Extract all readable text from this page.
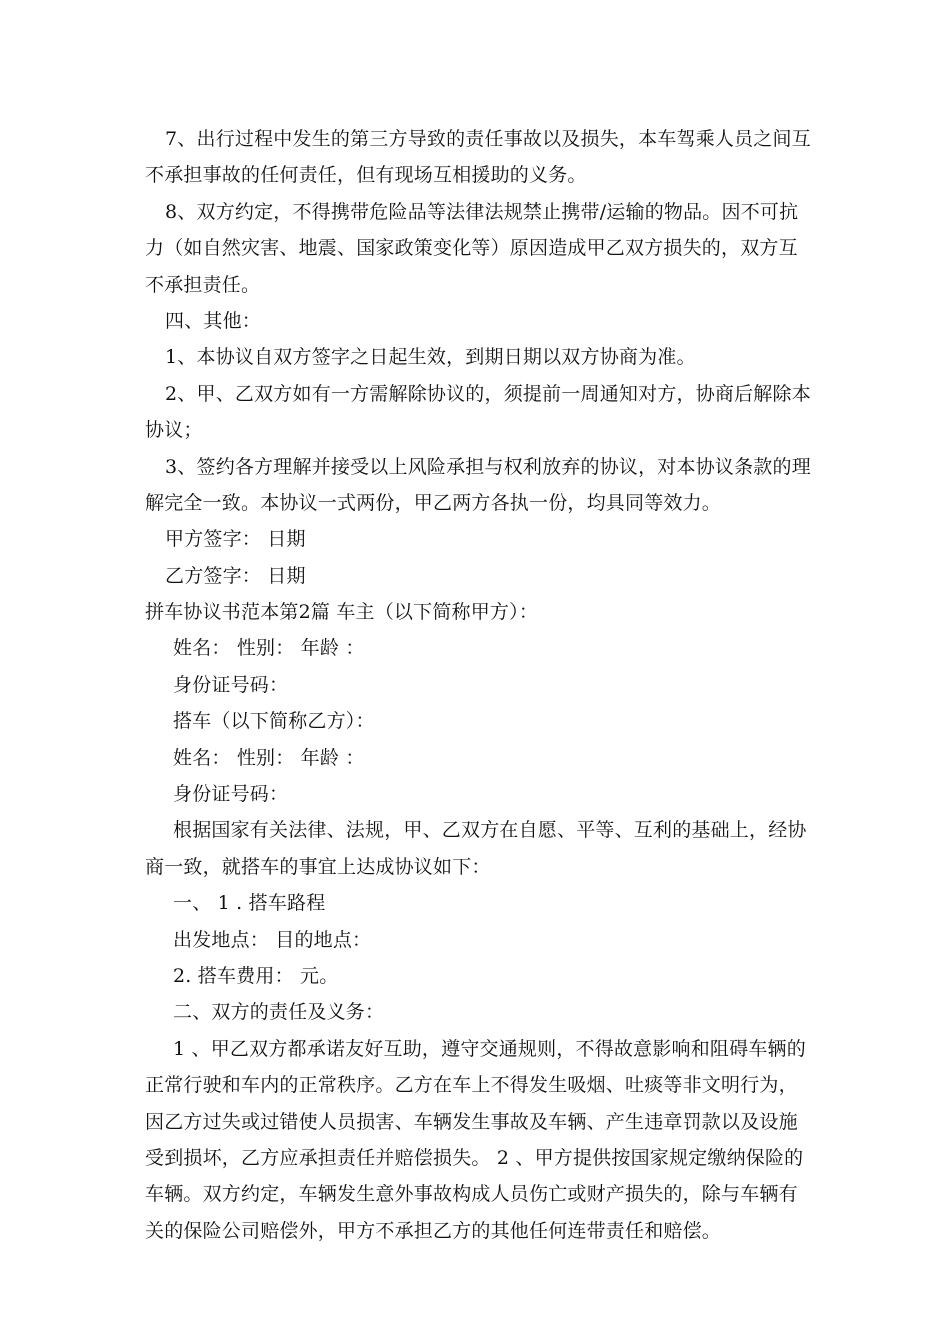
7、出行过程中发生的第三方导致的责任事故以及损失，本车驾乘人员之间互
不承担事故的任何责任，但有现场互相援助的义务。
8、双方约定，不得携带危险品等法律法规禁止携带/运输的物品。因不可抗
力（如自然灾害、地震、国家政策变化等）原因造成甲乙双方损失的，双方互
不承担责任。
四、其他：
1、本协议自双方签字之日起生效，到期日期以双方协商为准。
2、甲、乙双方如有一方需解除协议的，须提前一周通知对方，协商后解除本
协议；
3、签约各方理解并接受以上风险承担与权利放弃的协议，对本协议条款的理
解完全一致。本协议一式两份，甲乙两方各执一份，均具同等效力。
甲方签字： 日期
乙方签字： 日期
拼车协议书范本第2篇 车主（以下简称甲方）：
姓名： 性别： 年龄 ：
身份证号码：
搭车（以下简称乙方）：
姓名： 性别： 年龄 ：
身份证号码：
根据国家有关法律、法规，甲、乙双方在自愿、平等、互利的基础上，经协
商一致，就搭车的事宜上达成协议如下：
一、 1 . 搭车路程
出发地点： 目的地点：
2. 搭车费用： 元。
二、双方的责任及义务：
1 、甲乙双方都承诺友好互助，遵守交通规则，不得故意影响和阻碍车辆的
正常行驶和车内的正常秩序。乙方在车上不得发生吸烟、吐痰等非文明行为，
因乙方过失或过错使人员损害、车辆发生事故及车辆、产生违章罚款以及设施
受到损坏，乙方应承担责任并赔偿损失。 2 、甲方提供按国家规定缴纳保险的
车辆。双方约定，车辆发生意外事故构成人员伤亡或财产损失的，除与车辆有
关的保险公司赔偿外，甲方不承担乙方的其他任何连带责任和赔偿。
